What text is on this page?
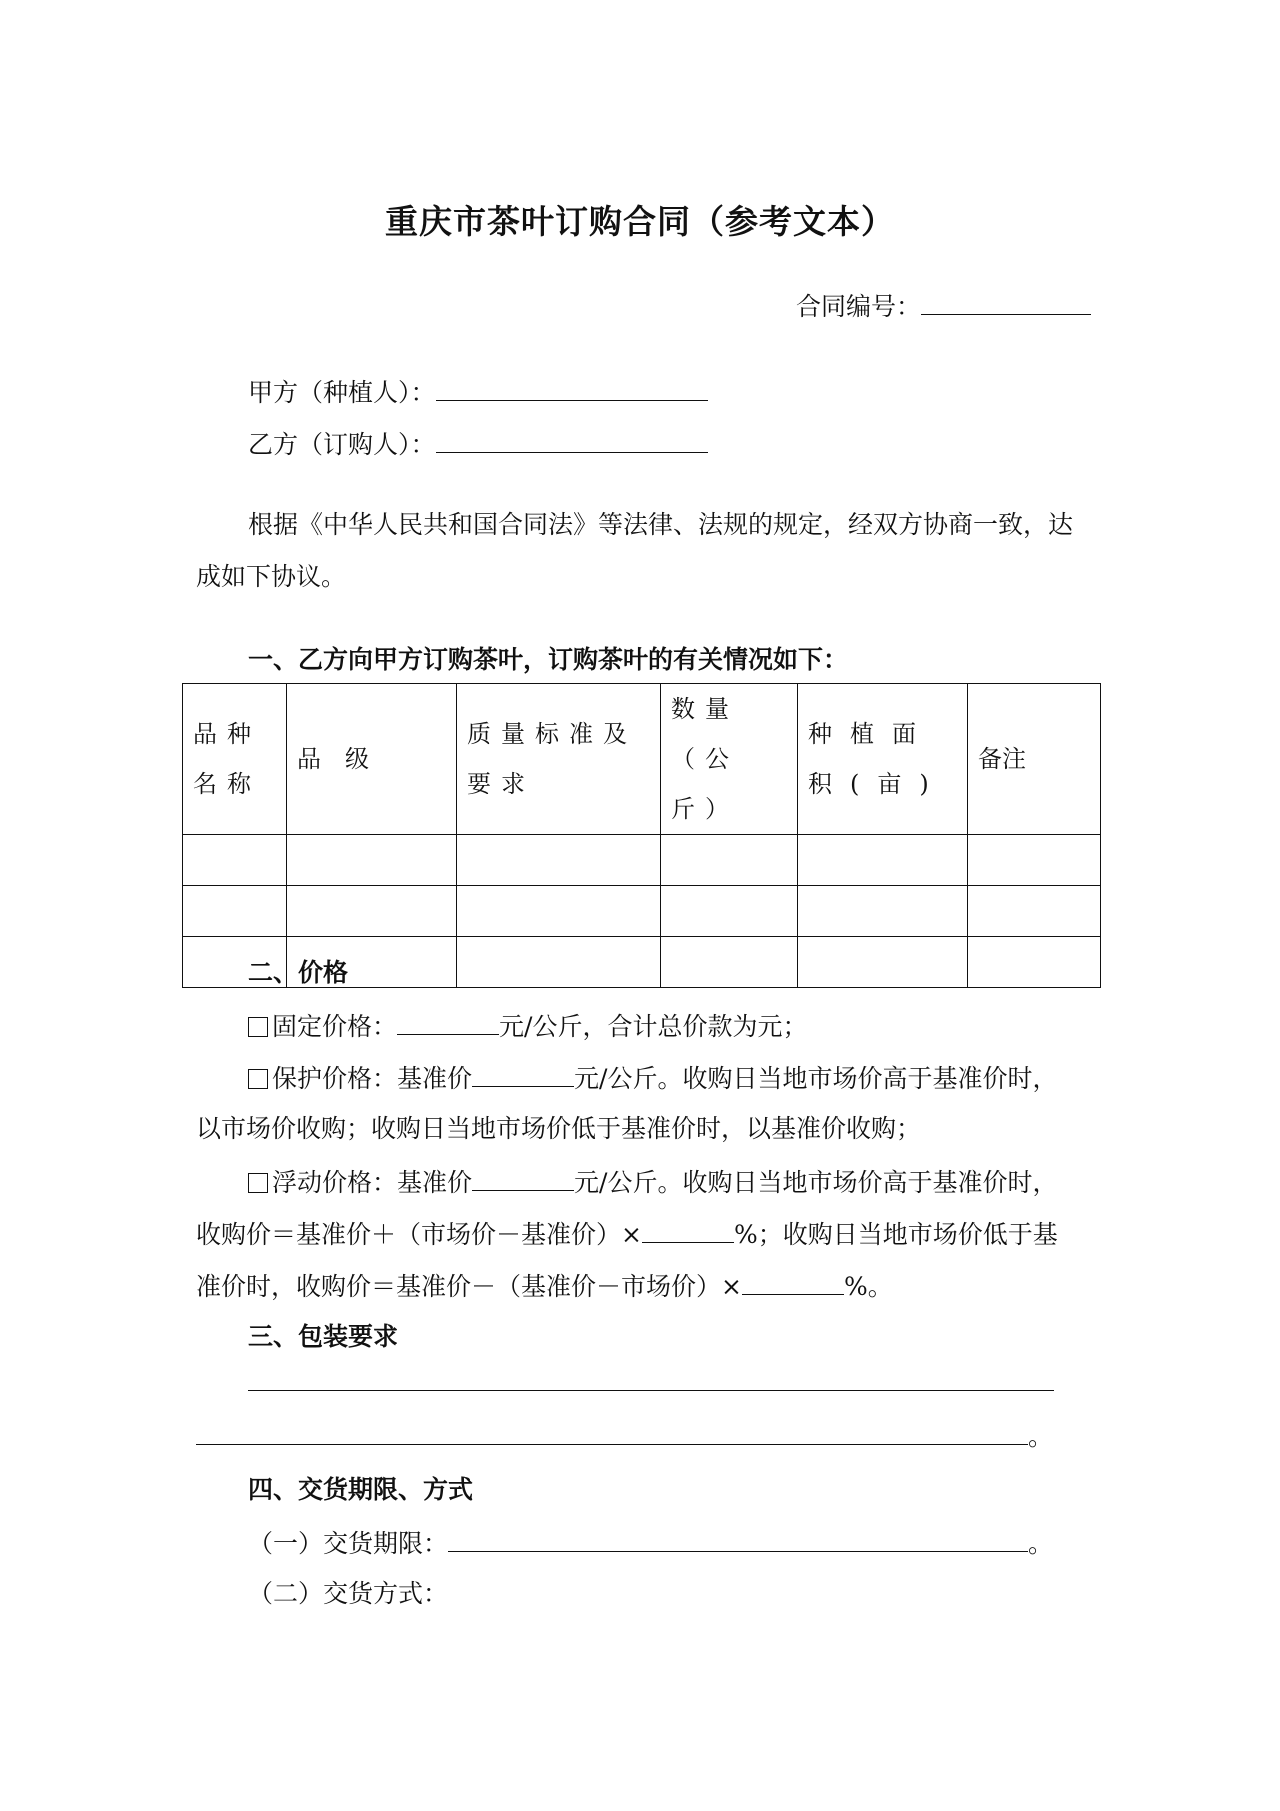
重庆市茶叶订购合同（参考文本）
合同编号：
甲方（种植人）：
乙方（订购人）：
根据《中华人民共和国合同法》等法律、法规的规定，经双方协商一致，达
成如下协议。
一、乙方向甲方订购茶叶，订购茶叶的有关情况如下：
品种名称	品　级	质量标准及要求	数量（公斤）	种植面积(亩)	备注

二、价格
固定价格：	元/公斤，合计总价款为元；
保护价格：基准价	元/公斤。收购日当地市场价高于基准价时，
以市场价收购；收购日当地市场价低于基准价时，以基准价收购；
浮动价格：基准价	元/公斤。收购日当地市场价高于基准价时，
收购价＝基准价＋（市场价－基准价）×	%；收购日当地市场价低于基
准价时，收购价＝基准价－（基准价－市场价）×	%。
三、包装要求
。
四、交货期限、方式
（一）交货期限：	。
（二）交货方式：
